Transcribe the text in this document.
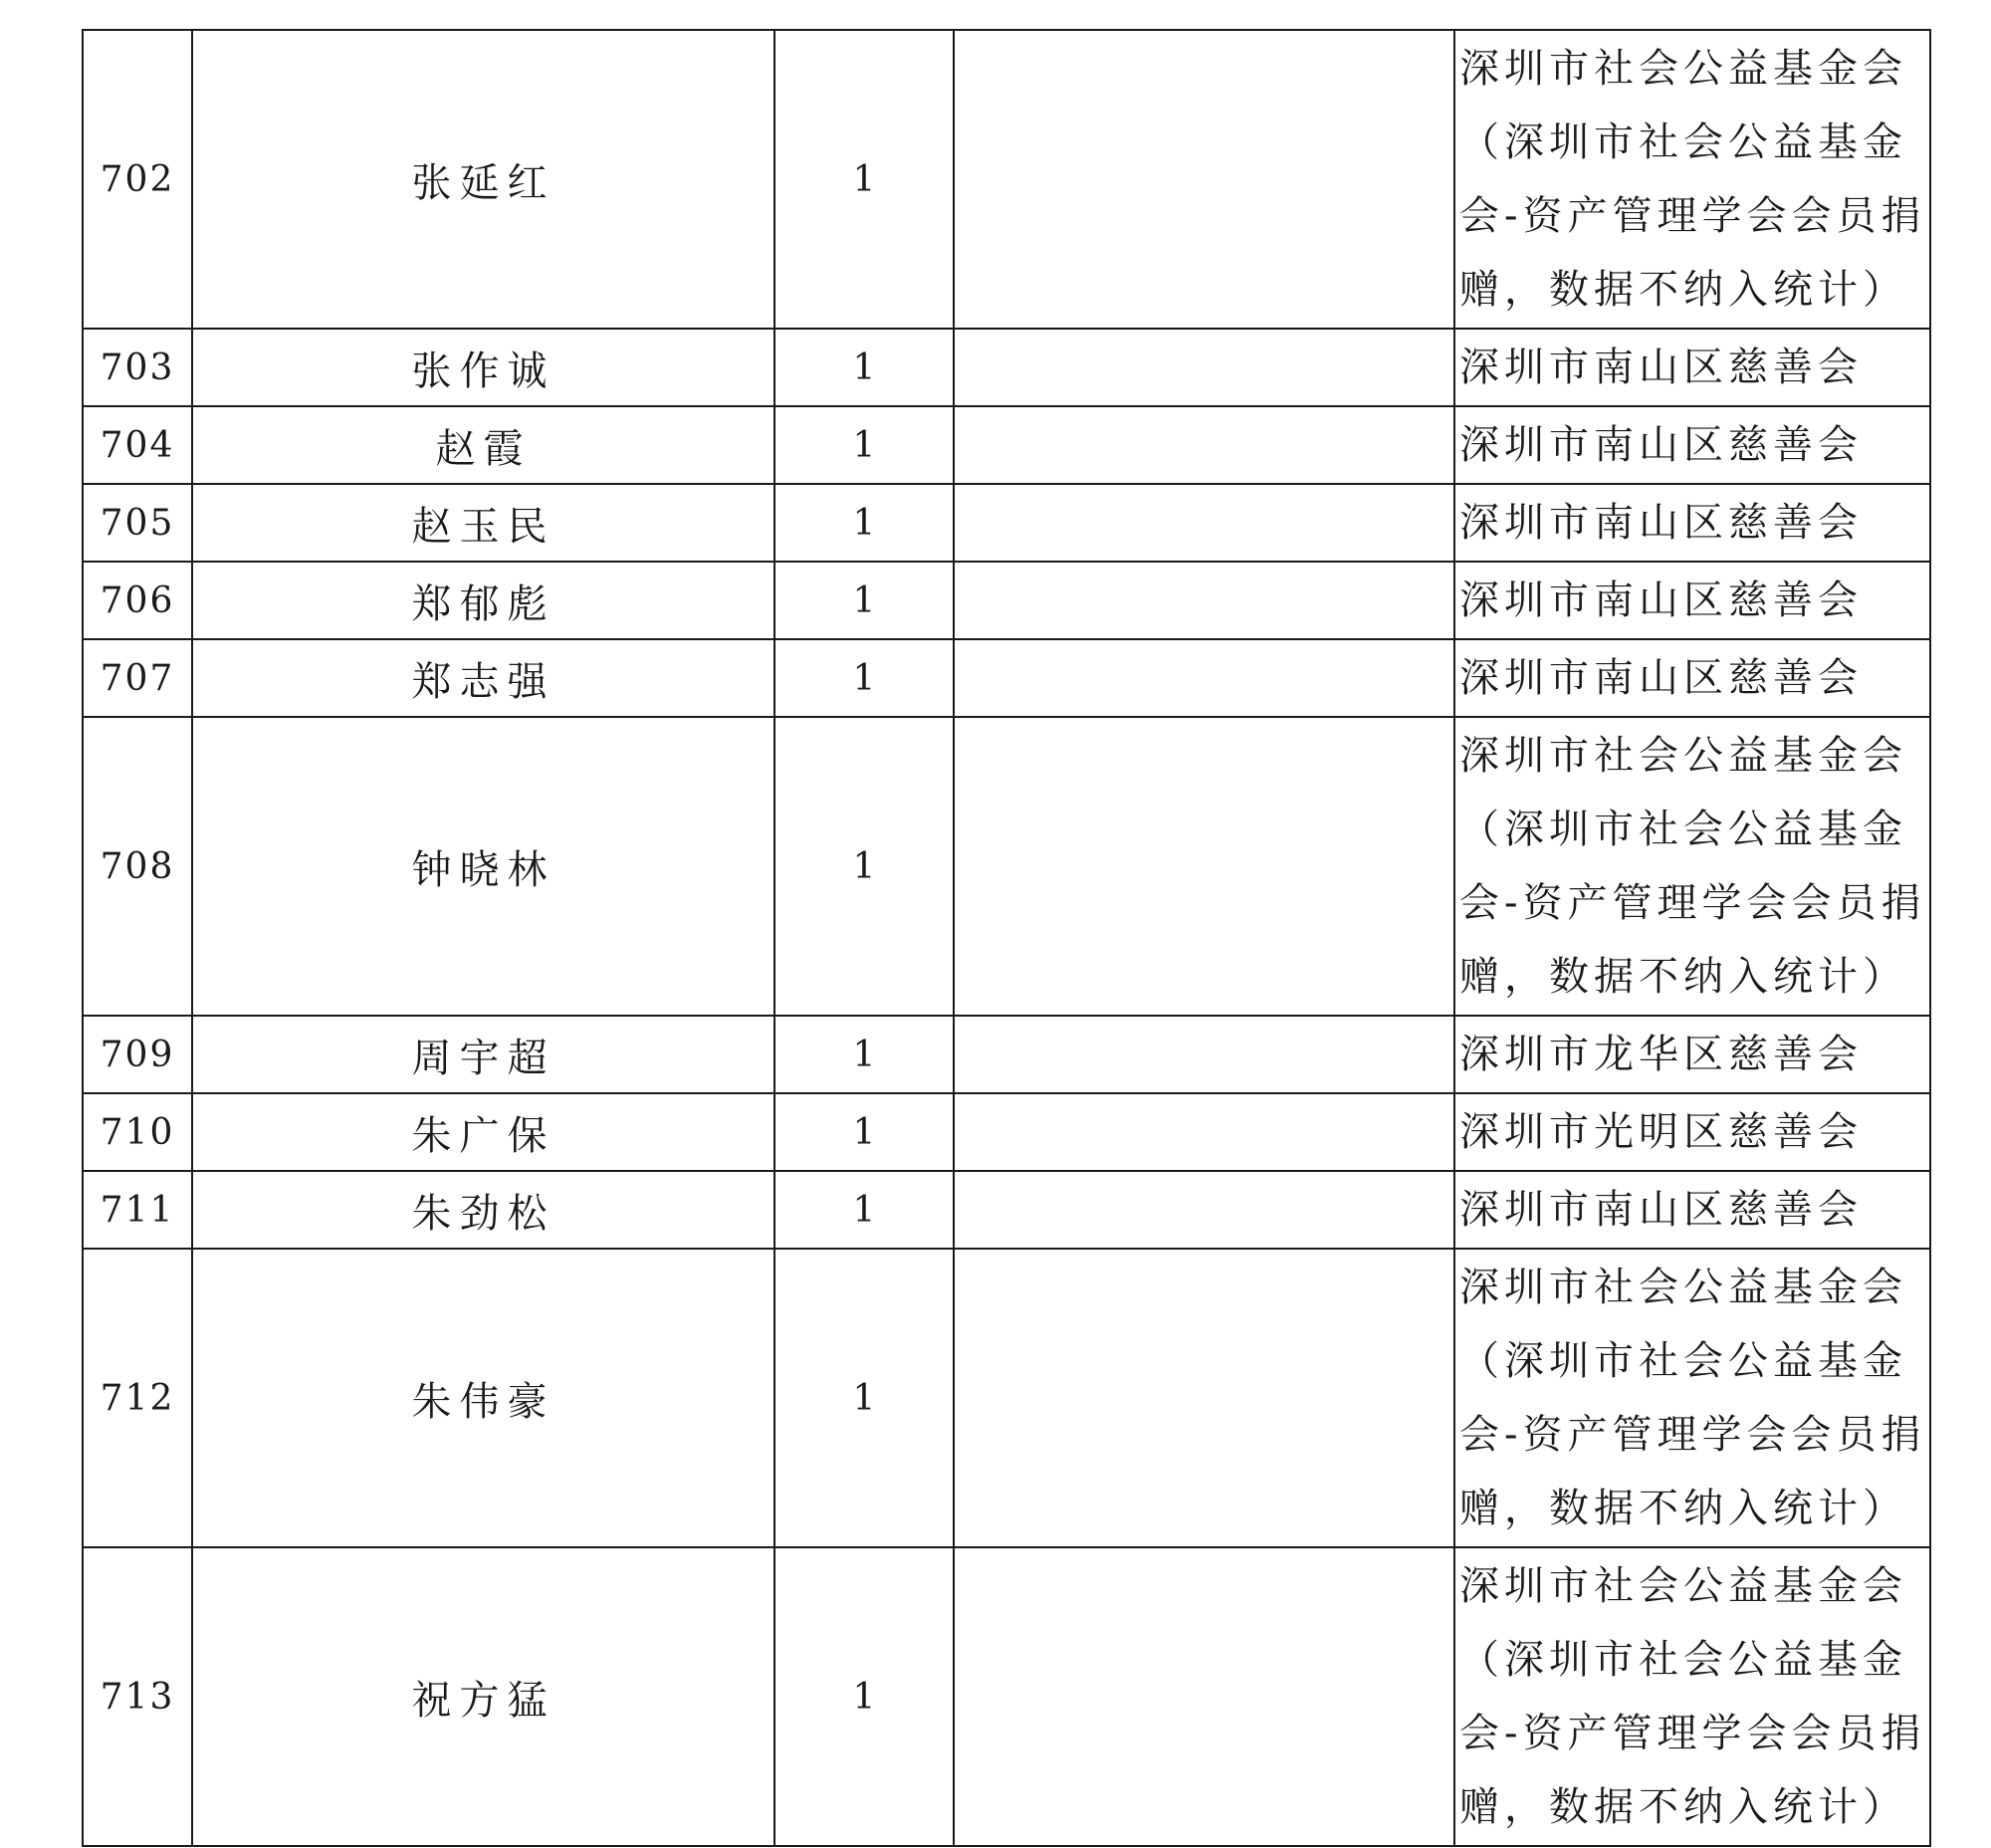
702	张延红	1		深圳市社会公益基金会（深圳市社会公益基金会-资产管理学会会员捐赠，数据不纳入统计）
703	张作诚	1		深圳市南山区慈善会
704	赵霞	1		深圳市南山区慈善会
705	赵玉民	1		深圳市南山区慈善会
706	郑郁彪	1		深圳市南山区慈善会
707	郑志强	1		深圳市南山区慈善会
708	钟晓林	1		深圳市社会公益基金会（深圳市社会公益基金会-资产管理学会会员捐赠，数据不纳入统计）
709	周宇超	1		深圳市龙华区慈善会
710	朱广保	1		深圳市光明区慈善会
711	朱劲松	1		深圳市南山区慈善会
712	朱伟豪	1		深圳市社会公益基金会（深圳市社会公益基金会-资产管理学会会员捐赠，数据不纳入统计）
713	祝方猛	1		深圳市社会公益基金会（深圳市社会公益基金会-资产管理学会会员捐赠，数据不纳入统计）
